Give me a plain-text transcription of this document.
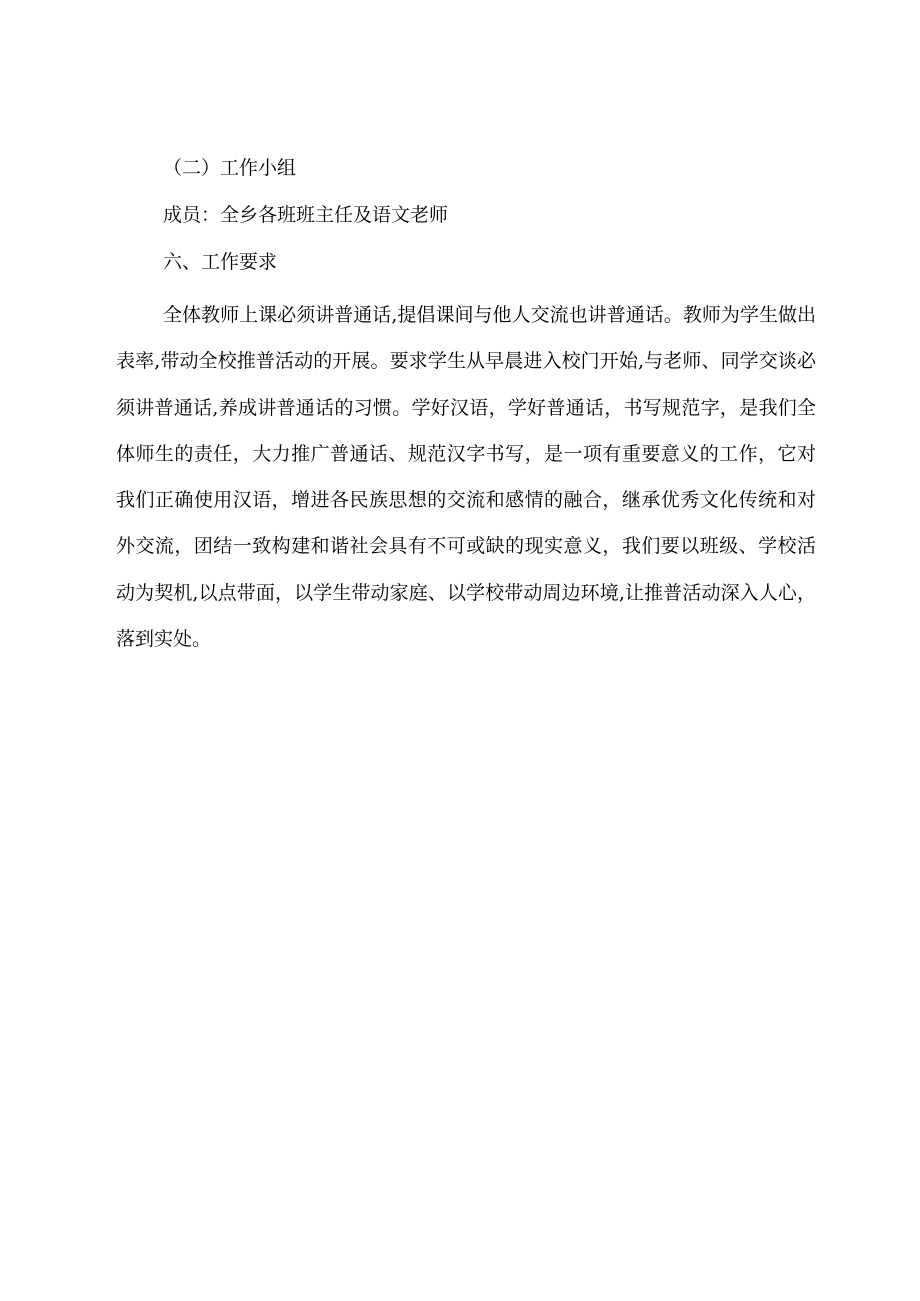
（二）工作小组

成员：全乡各班班主任及语文老师

六、工作要求

全体教师上课必须讲普通话,提倡课间与他人交流也讲普通话。教师为学生做出表率,带动全校推普活动的开展。要求学生从早晨进入校门开始,与老师、同学交谈必须讲普通话,养成讲普通话的习惯。学好汉语，学好普通话，书写规范字，是我们全体师生的责任，大力推广普通话、规范汉字书写，是一项有重要意义的工作，它对我们正确使用汉语，增进各民族思想的交流和感情的融合，继承优秀文化传统和对外交流，团结一致构建和谐社会具有不可或缺的现实意义，我们要以班级、学校活动为契机,以点带面，以学生带动家庭、以学校带动周边环境,让推普活动深入人心，落到实处。
